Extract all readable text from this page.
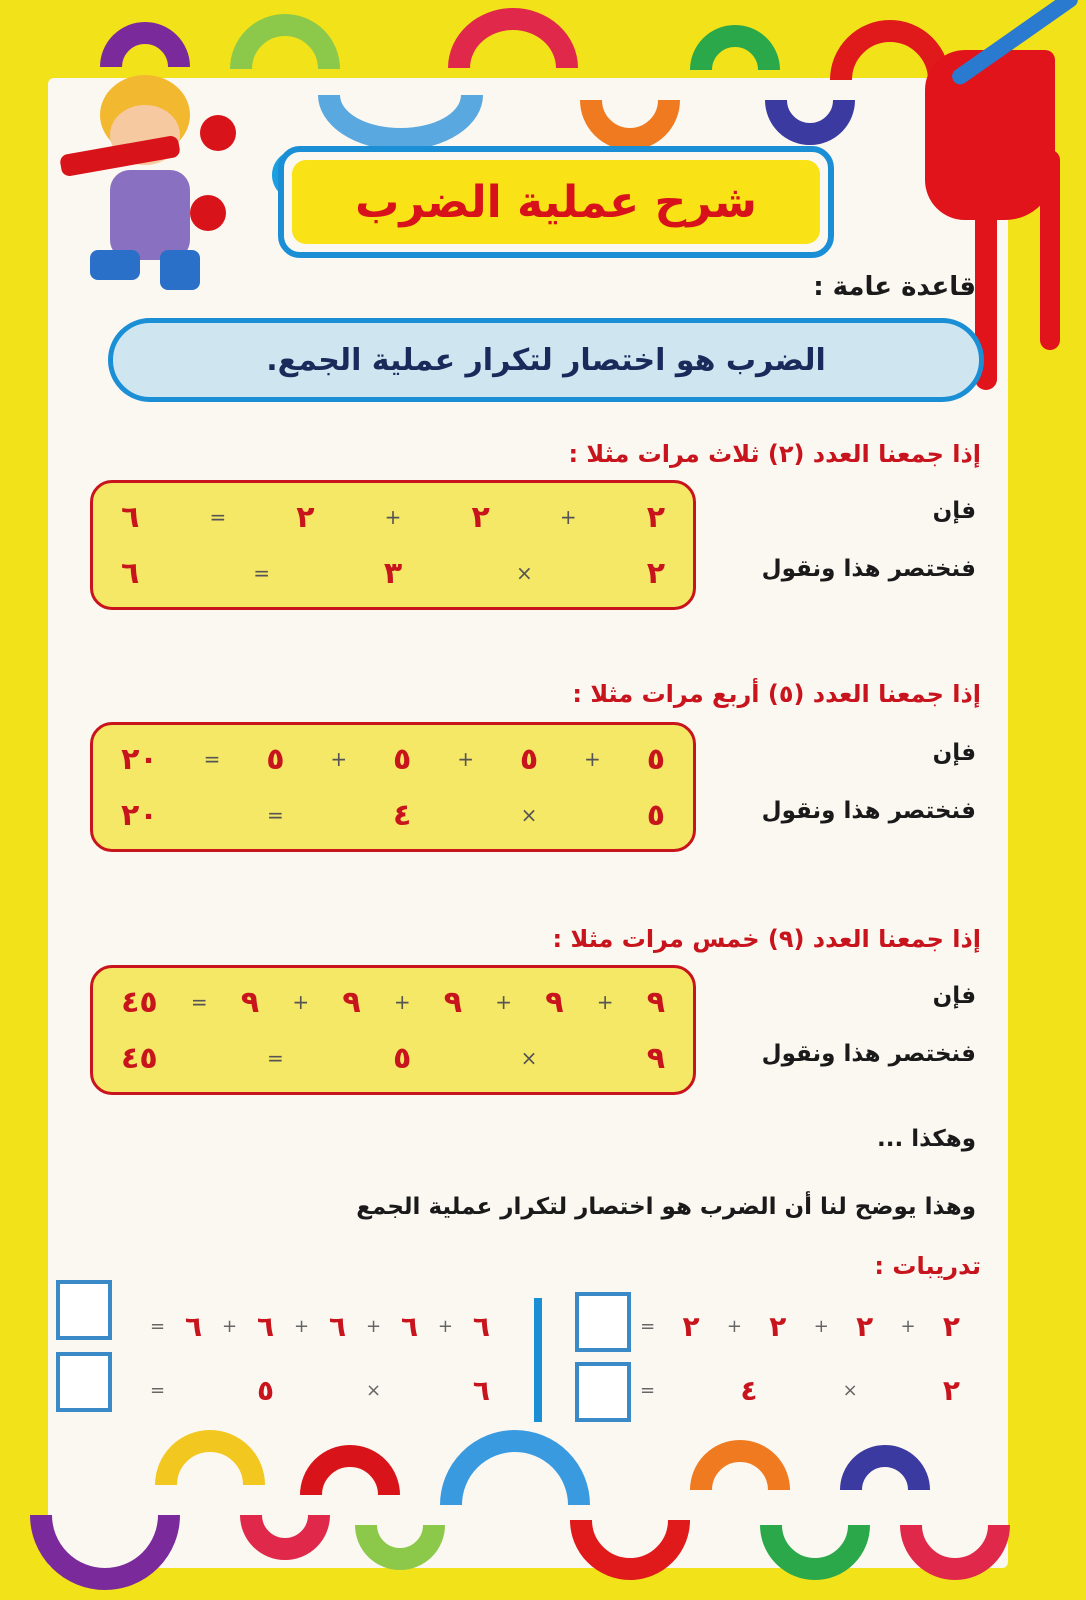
شرح عملية الضرب
قاعدة عامة :
الضرب هو اختصار لتكرار عملية الجمع.
إذا جمعنا العدد (٢) ثلاث مرات مثلا :
٢
+
٢
+
٢
=
٦
٢
×
٣
=
٦
فإن
فنختصر هذا ونقول
إذا جمعنا العدد (٥) أربع مرات مثلا :
٥
+
٥
+
٥
+
٥
=
٢٠
٥
×
٤
=
٢٠
فإن
فنختصر هذا ونقول
إذا جمعنا العدد (٩) خمس مرات مثلا :
٩
+
٩
+
٩
+
٩
+
٩
=
٤٥
٩
×
٥
=
٤٥
فإن
فنختصر هذا ونقول
وهكذا ...
وهذا يوضح لنا أن الضرب هو اختصار لتكرار عملية الجمع
تدريبات :
٢
+
٢
+
٢
+
٢
=
٢
×
٤
=
٦
+
٦
+
٦
+
٦
+
٦
=
٦
×
٥
=
